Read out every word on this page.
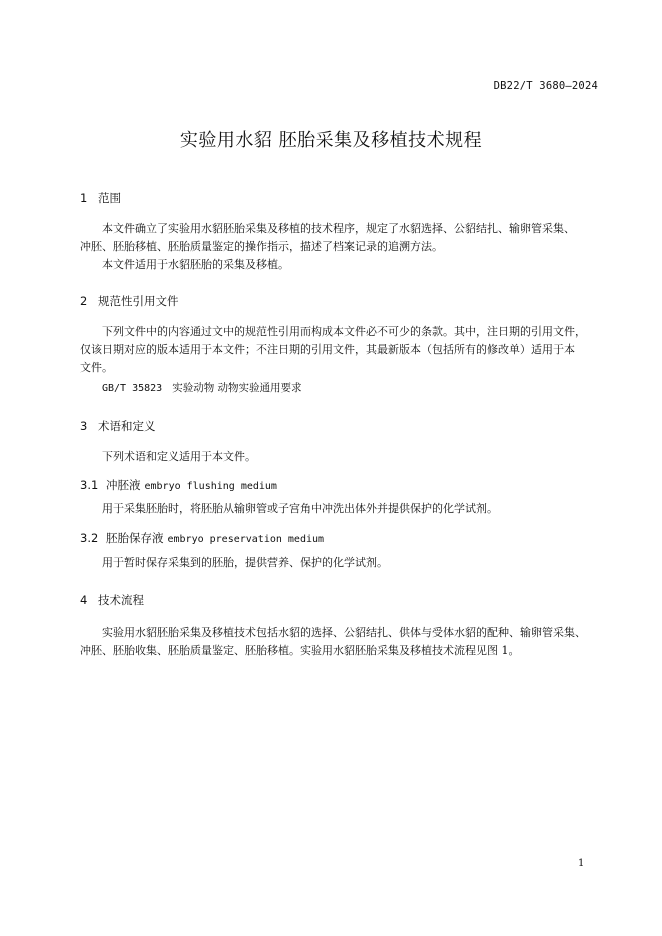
DB22/T 3680—2024
实验用水貂 胚胎采集及移植技术规程
1 范围
本文件确立了实验用水貂胚胎采集及移植的技术程序，规定了水貂选择、公貂结扎、输卵管采集、
冲胚、胚胎移植、胚胎质量鉴定的操作指示，描述了档案记录的追溯方法。
本文件适用于水貂胚胎的采集及移植。
2 规范性引用文件
下列文件中的内容通过文中的规范性引用而构成本文件必不可少的条款。其中，注日期的引用文件，
仅该日期对应的版本适用于本文件；不注日期的引用文件，其最新版本（包括所有的修改单）适用于本
文件。
GB/T 35823 实验动物 动物实验通用要求
3 术语和定义
下列术语和定义适用于本文件。
3.1 冲胚液 embryo flushing medium
用于采集胚胎时，将胚胎从输卵管或子宫角中冲洗出体外并提供保护的化学试剂。
3.2 胚胎保存液 embryo preservation medium
用于暂时保存采集到的胚胎，提供营养、保护的化学试剂。
4 技术流程
实验用水貂胚胎采集及移植技术包括水貂的选择、公貂结扎、供体与受体水貂的配种、输卵管采集、
冲胚、胚胎收集、胚胎质量鉴定、胚胎移植。实验用水貂胚胎采集及移植技术流程见图 1。
1
